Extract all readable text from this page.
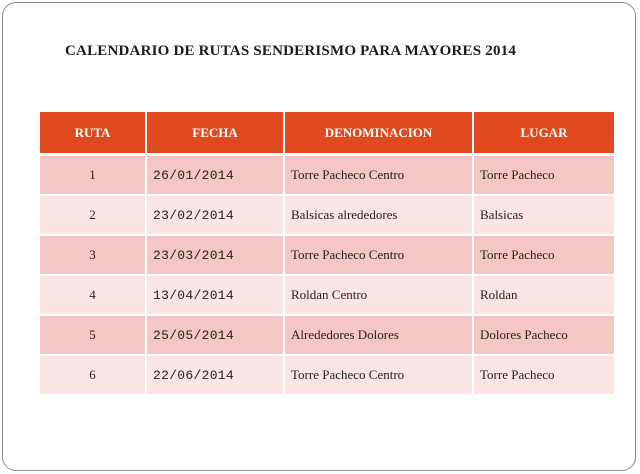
CALENDARIO DE RUTAS SENDERISMO PARA MAYORES 2014
RUTA	FECHA	DENOMINACION	LUGAR
1	26/01/2014	Torre Pacheco Centro	Torre Pacheco
2	23/02/2014	Balsicas alrededores	Balsicas
3	23/03/2014	Torre Pacheco Centro	Torre Pacheco
4	13/04/2014	Roldan Centro	Roldan
5	25/05/2014	Alrededores Dolores	Dolores Pacheco
6	22/06/2014	Torre Pacheco Centro	Torre Pacheco
